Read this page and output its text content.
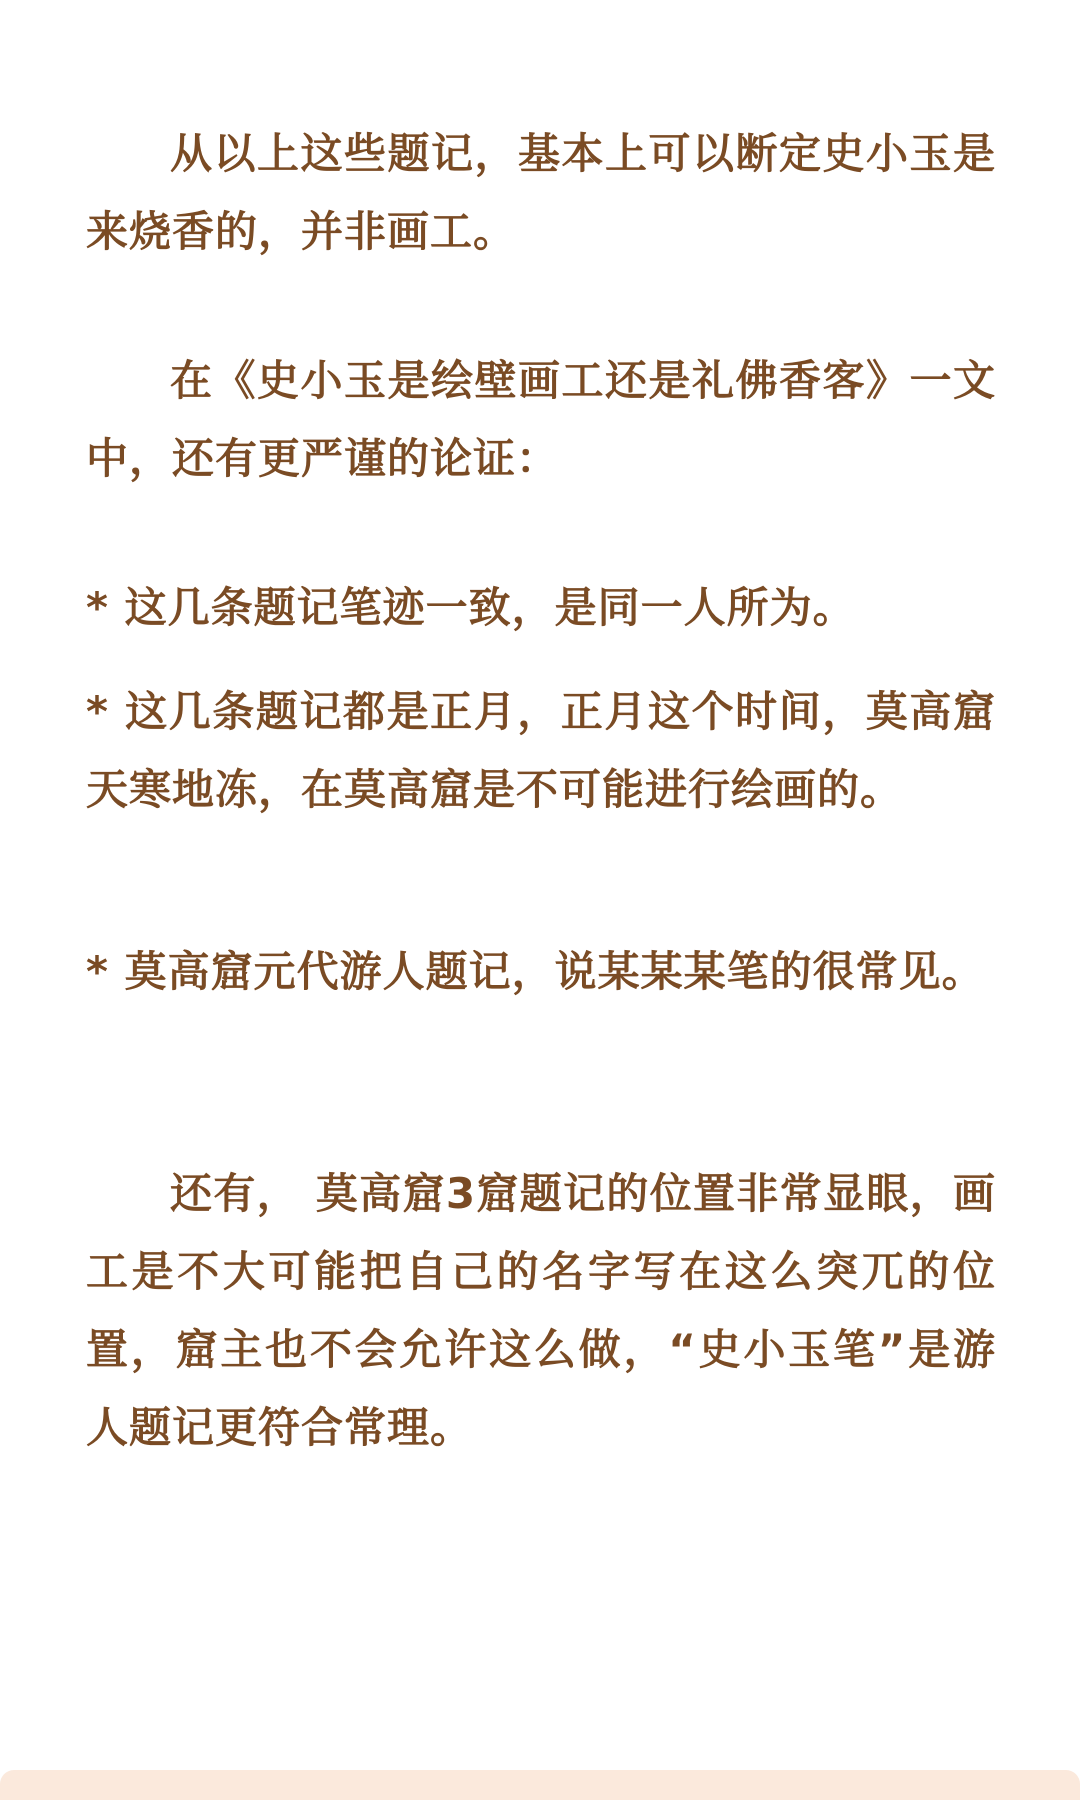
从以上这些题记，基本上可以断定史小玉是来烧香的，并非画工。

在《史小玉是绘壁画工还是礼佛香客》一文中，还有更严谨的论证：

* 这几条题记笔迹一致，是同一人所为。

* 这几条题记都是正月，正月这个时间，莫高窟天寒地冻，在莫高窟是不可能进行绘画的。

* 莫高窟元代游人题记，说某某某笔的很常见。

还有， 莫高窟3窟题记的位置非常显眼，画工是不大可能把自己的名字写在这么突兀的位置，窟主也不会允许这么做，“史小玉笔”是游人题记更符合常理。
